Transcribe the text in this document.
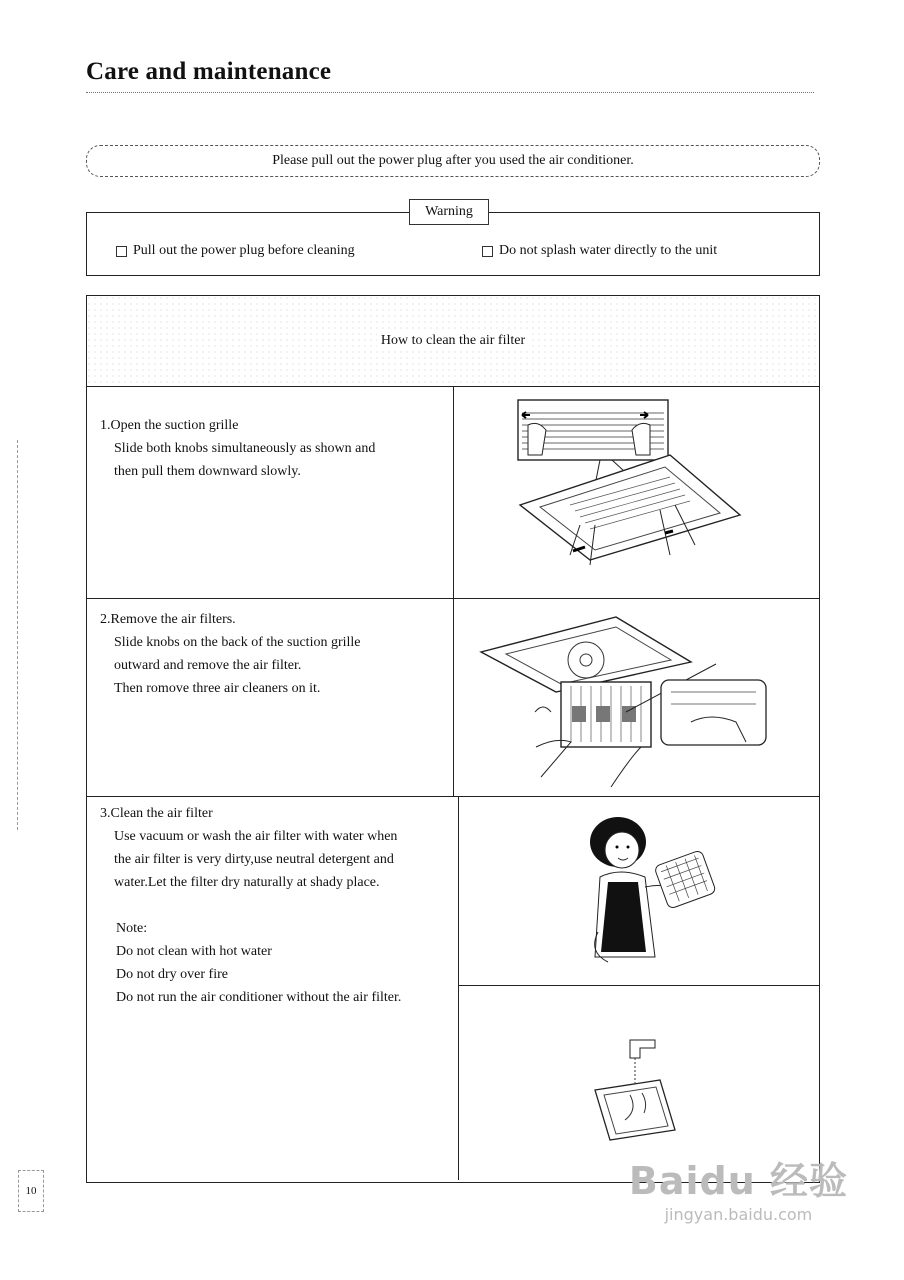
Care and maintenance
Please pull out the power plug after you used the air conditioner.
Warning
Pull out the power plug before cleaning	Do not splash water directly to the unit
How to clean the air filter
1.Open the suction grille
Slide both knobs simultaneously as shown and
then pull them downward slowly.
2.Remove the air filters.
Slide knobs on the back of the suction grille
outward and remove the air filter.
Then romove three air cleaners on it.
3.Clean the air filter
Use vacuum or wash the air filter with water when
the air filter is very dirty,use neutral detergent and
water.Let the filter dry naturally at shady place.
Note:
Do not clean with hot water
Do not dry over fire
Do not run the air conditioner without the air filter.
10	Baidu 经验
jingyan.baidu.com
